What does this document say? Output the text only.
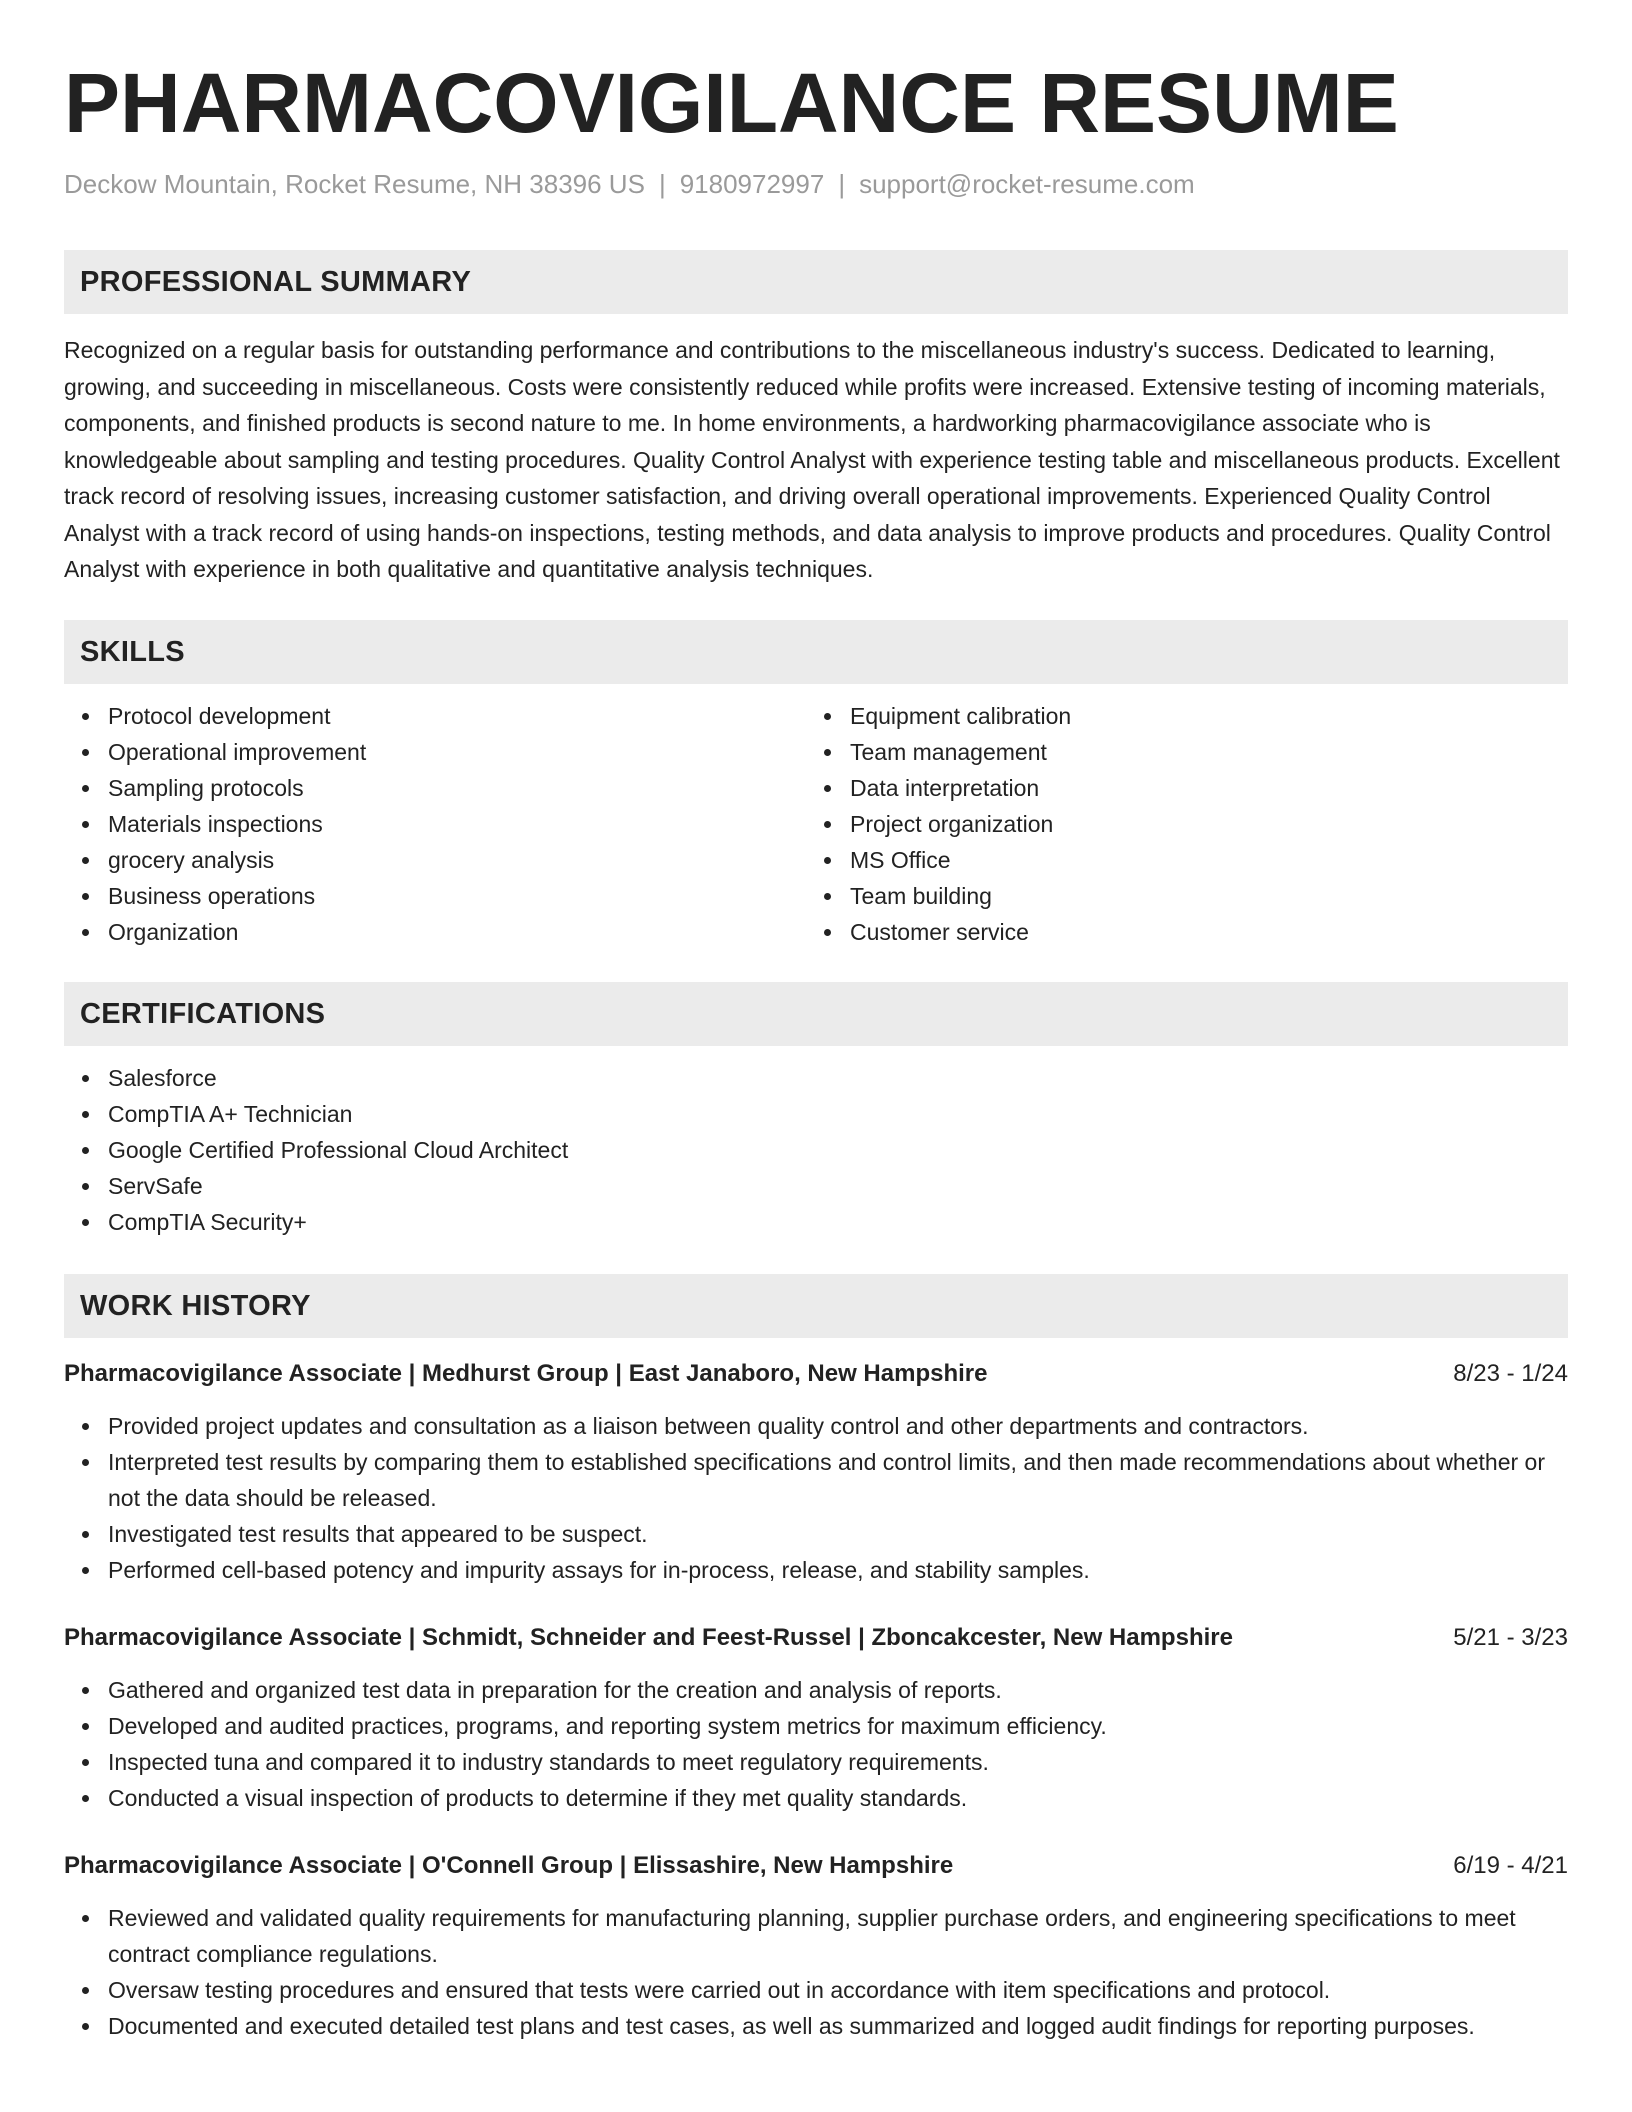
PHARMACOVIGILANCE RESUME
Deckow Mountain, Rocket Resume, NH 38396 US | 9180972997 | support@rocket-resume.com
PROFESSIONAL SUMMARY

Recognized on a regular basis for outstanding performance and contributions to the miscellaneous industry's success. Dedicated to learning, growing, and succeeding in miscellaneous. Costs were consistently reduced while profits were increased. Extensive testing of incoming materials, components, and finished products is second nature to me. In home environments, a hardworking pharmacovigilance associate who is knowledgeable about sampling and testing procedures. Quality Control Analyst with experience testing table and miscellaneous products. Excellent track record of resolving issues, increasing customer satisfaction, and driving overall operational improvements. Experienced Quality Control Analyst with a track record of using hands-on inspections, testing methods, and data analysis to improve products and procedures. Quality Control Analyst with experience in both qualitative and quantitative analysis techniques.

SKILLS
Protocol development
Operational improvement
Sampling protocols
Materials inspections
grocery analysis
Business operations
Organization
Equipment calibration
Team management
Data interpretation
Project organization
MS Office
Team building
Customer service
CERTIFICATIONS
Salesforce
CompTIA A+ Technician
Google Certified Professional Cloud Architect
ServSafe
CompTIA Security+
WORK HISTORY
Pharmacovigilance Associate | Medhurst Group | East Janaboro, New Hampshire	8/23 - 1/24
Provided project updates and consultation as a liaison between quality control and other departments and contractors.
Interpreted test results by comparing them to established specifications and control limits, and then made recommendations about whether or not the data should be released.
Investigated test results that appeared to be suspect.
Performed cell-based potency and impurity assays for in-process, release, and stability samples.
Pharmacovigilance Associate | Schmidt, Schneider and Feest-Russel | Zboncakcester, New Hampshire	5/21 - 3/23
Gathered and organized test data in preparation for the creation and analysis of reports.
Developed and audited practices, programs, and reporting system metrics for maximum efficiency.
Inspected tuna and compared it to industry standards to meet regulatory requirements.
Conducted a visual inspection of products to determine if they met quality standards.
Pharmacovigilance Associate | O'Connell Group | Elissashire, New Hampshire	6/19 - 4/21
Reviewed and validated quality requirements for manufacturing planning, supplier purchase orders, and engineering specifications to meet contract compliance regulations.
Oversaw testing procedures and ensured that tests were carried out in accordance with item specifications and protocol.
Documented and executed detailed test plans and test cases, as well as summarized and logged audit findings for reporting purposes.
